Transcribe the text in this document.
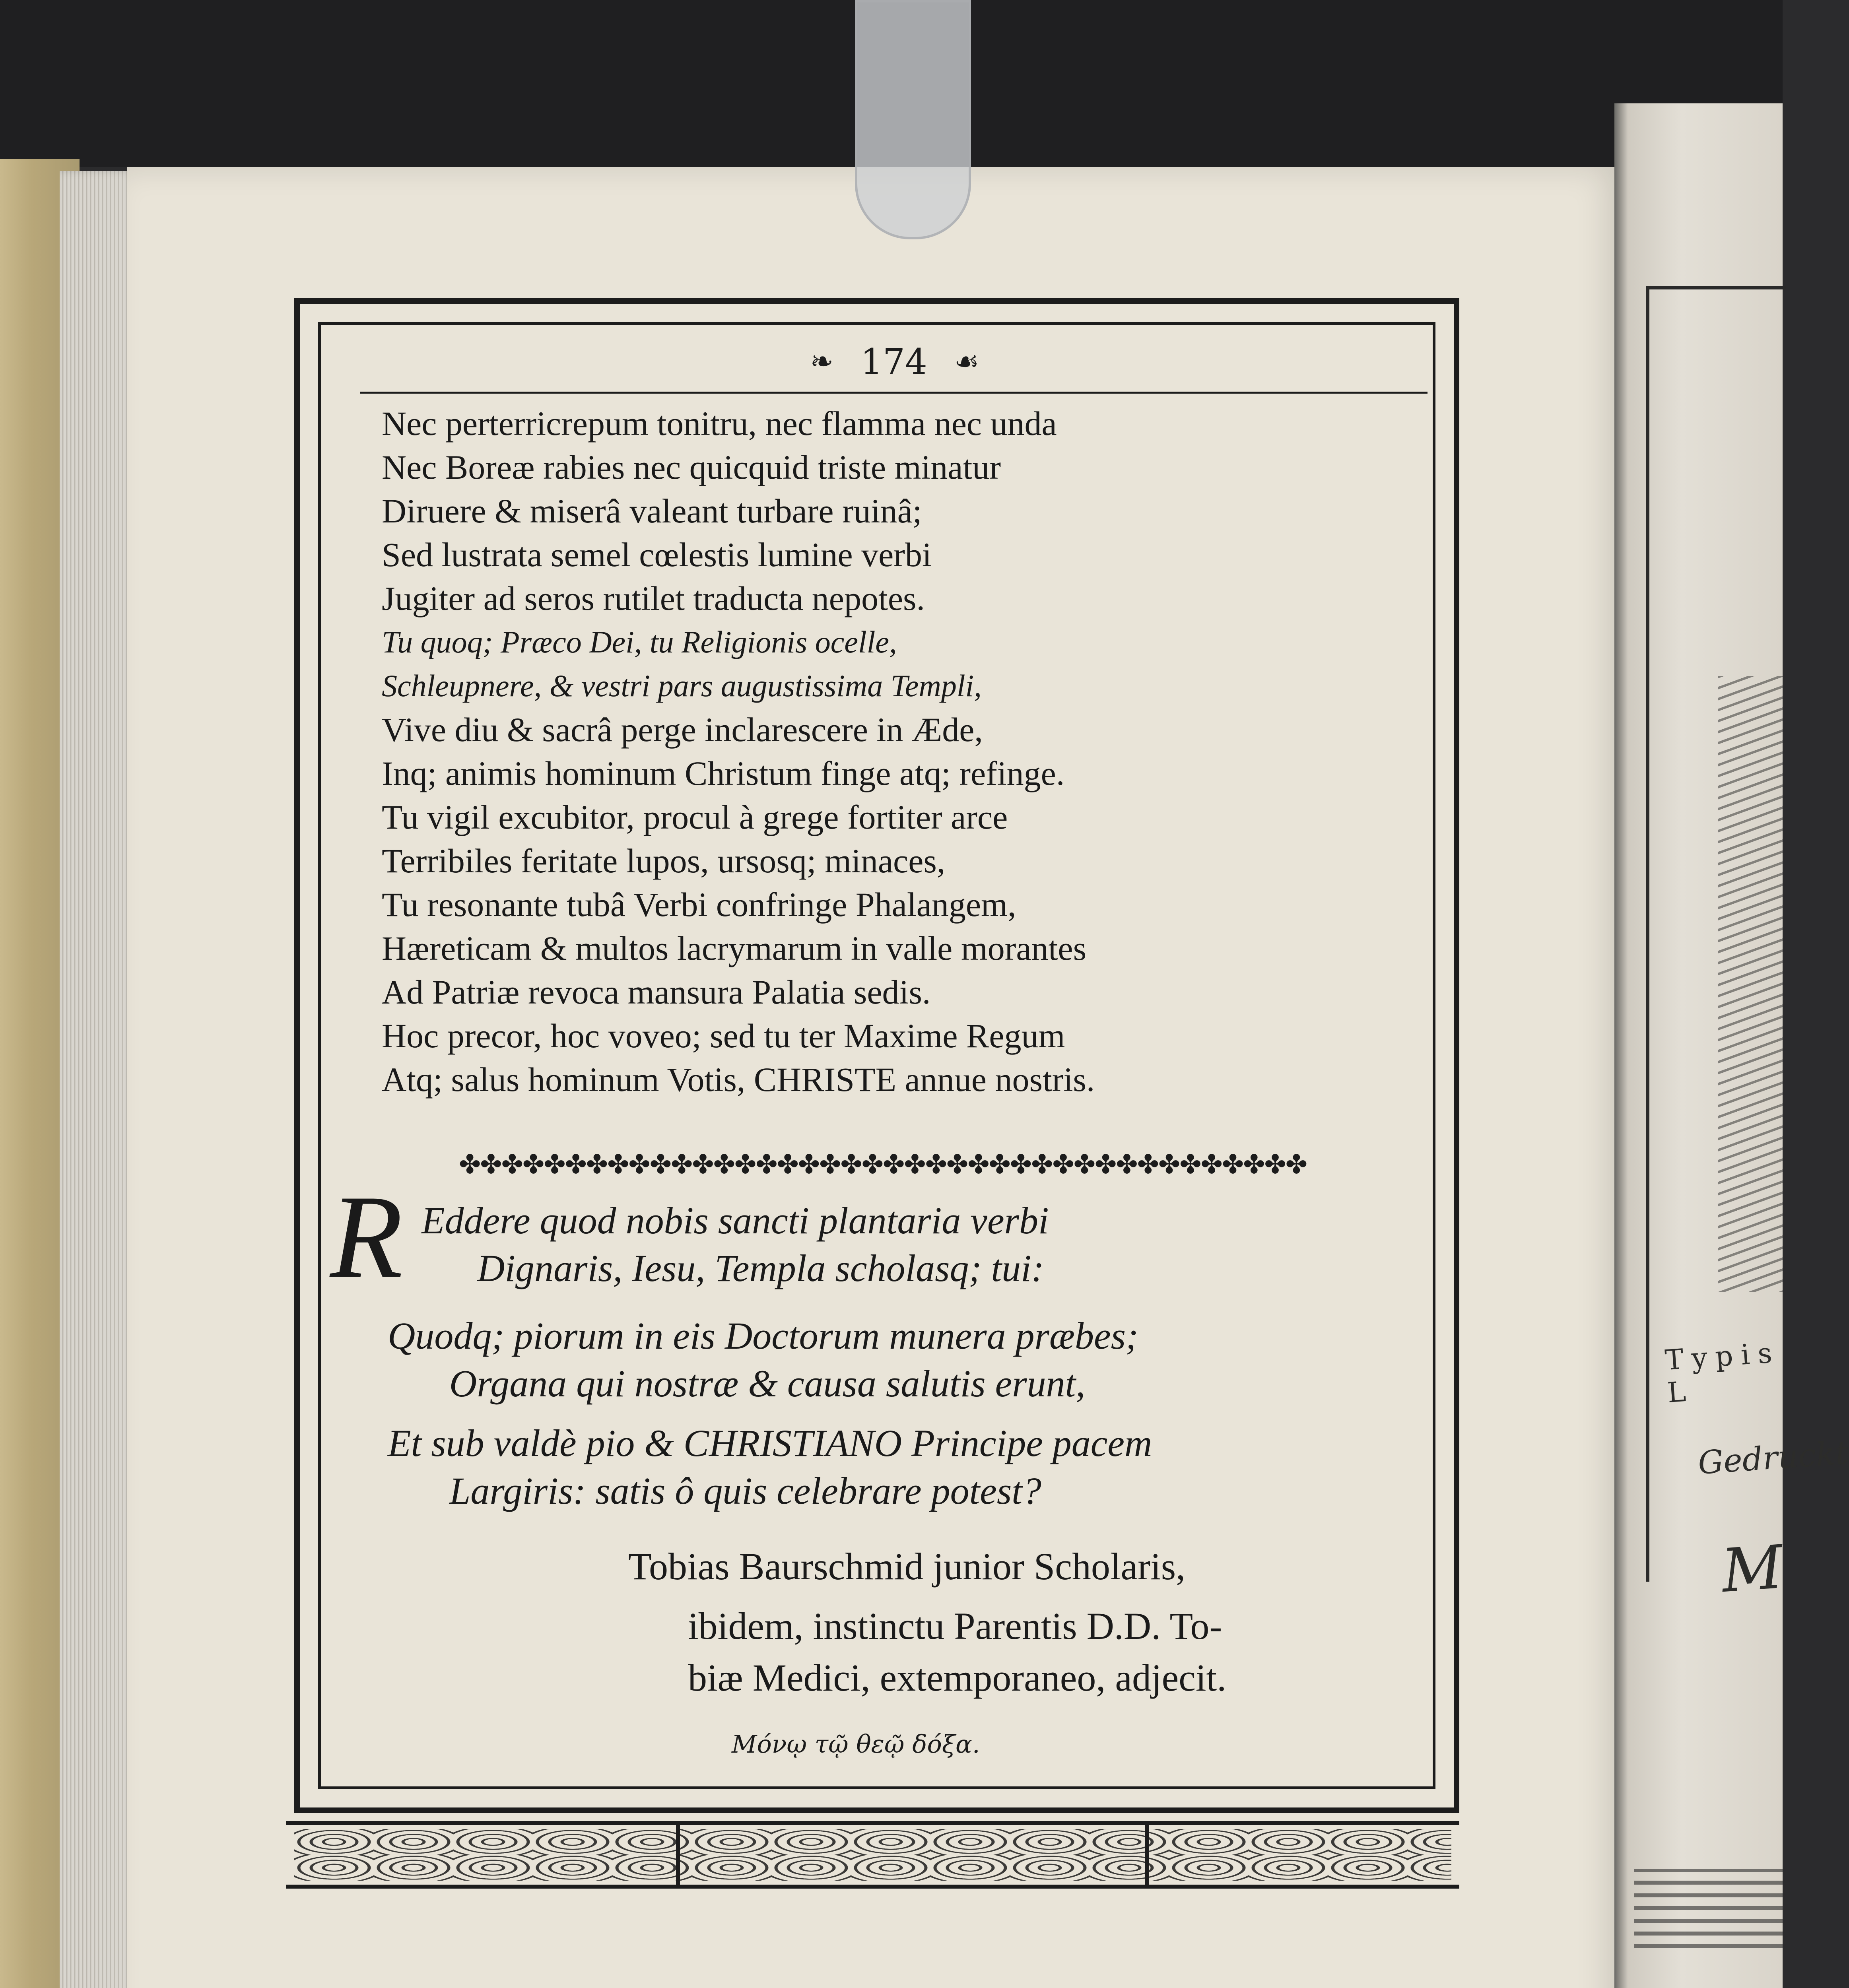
Typis L
Gedruckt
M
❧ 174 ☙
Nec perterricrepum tonitru, nec flamma nec unda
Nec Boreæ rabies nec quicquid triste minatur
Diruere & miserâ valeant turbare ruinâ;
Sed lustrata semel cœlestis lumine verbi
Jugiter ad seros rutilet traducta nepotes.
Tu quoq; Præco Dei, tu Religionis ocelle,
Schleupnere, & vestri pars augustissima Templi,
Vive diu & sacrâ perge inclarescere in Æde,
Inq; animis hominum Christum finge atq; refinge.
Tu vigil excubitor, procul à grege fortiter arce
Terribiles feritate lupos, ursosq; minaces,
Tu resonante tubâ Verbi confringe Phalangem,
Hæreticam & multos lacrymarum in valle morantes
Ad Patriæ revoca mansura Palatia sedis.
Hoc precor, hoc voveo; sed tu ter Maxime Regum
Atq; salus hominum Votis, CHRISTE annue nostris.
✤✤✤✤✤✤✤✤✤✤✤✤✤✤✤✤✤✤✤✤✤✤✤✤✤✤✤✤✤✤✤✤✤✤✤✤✤✤✤✤
R Eddere quod nobis sancti plantaria verbi
Dignaris, Iesu, Templa scholasq; tui:
Quodq; piorum in eis Doctorum munera præbes;
Organa qui nostræ & causa salutis erunt,
Et sub valdè pio & CHRISTIANO Principe pacem
Largiris: satis ô quis celebrare potest?
Tobias Baurschmid junior Scholaris,
ibidem, instinctu Parentis D.D. To-
biæ Medici, extemporaneo, adjecit.
Μόνῳ τῷ θεῷ δόξα.
